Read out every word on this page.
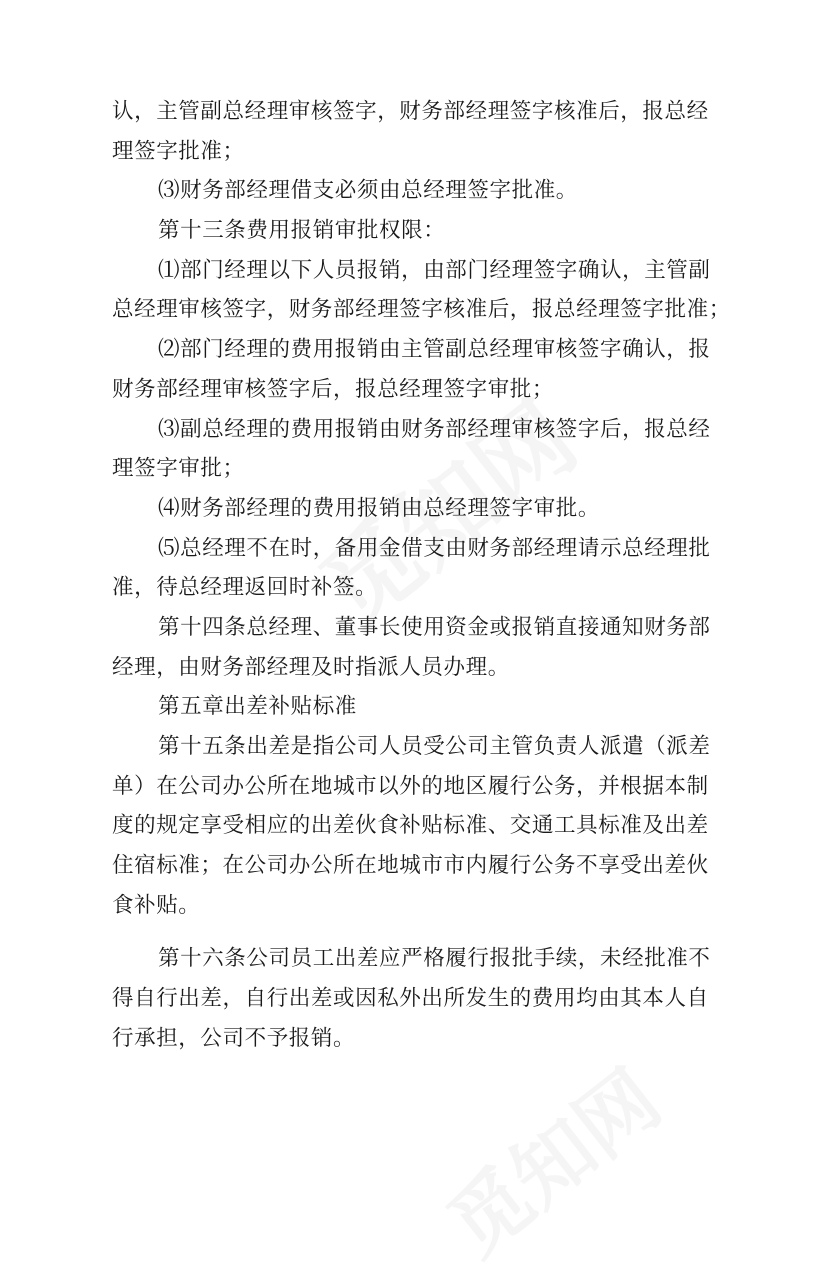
认，主管副总经理审核签字，财务部经理签字核准后，报总经
理签字批准；
⑶财务部经理借支必须由总经理签字批准。
第十三条费用报销审批权限：
⑴部门经理以下人员报销，由部门经理签字确认，主管副
总经理审核签字，财务部经理签字核准后，报总经理签字批准；
⑵部门经理的费用报销由主管副总经理审核签字确认，报
财务部经理审核签字后，报总经理签字审批；
⑶副总经理的费用报销由财务部经理审核签字后，报总经
理签字审批；
⑷财务部经理的费用报销由总经理签字审批。
⑸总经理不在时，备用金借支由财务部经理请示总经理批
准，待总经理返回时补签。
第十四条总经理、董事长使用资金或报销直接通知财务部
经理，由财务部经理及时指派人员办理。
第五章出差补贴标准
第十五条出差是指公司人员受公司主管负责人派遣（派差
单）在公司办公所在地城市以外的地区履行公务，并根据本制
度的规定享受相应的出差伙食补贴标准、交通工具标准及出差
住宿标准；在公司办公所在地城市市内履行公务不享受出差伙
食补贴。
第十六条公司员工出差应严格履行报批手续，未经批准不
得自行出差，自行出差或因私外出所发生的费用均由其本人自
行承担，公司不予报销。
